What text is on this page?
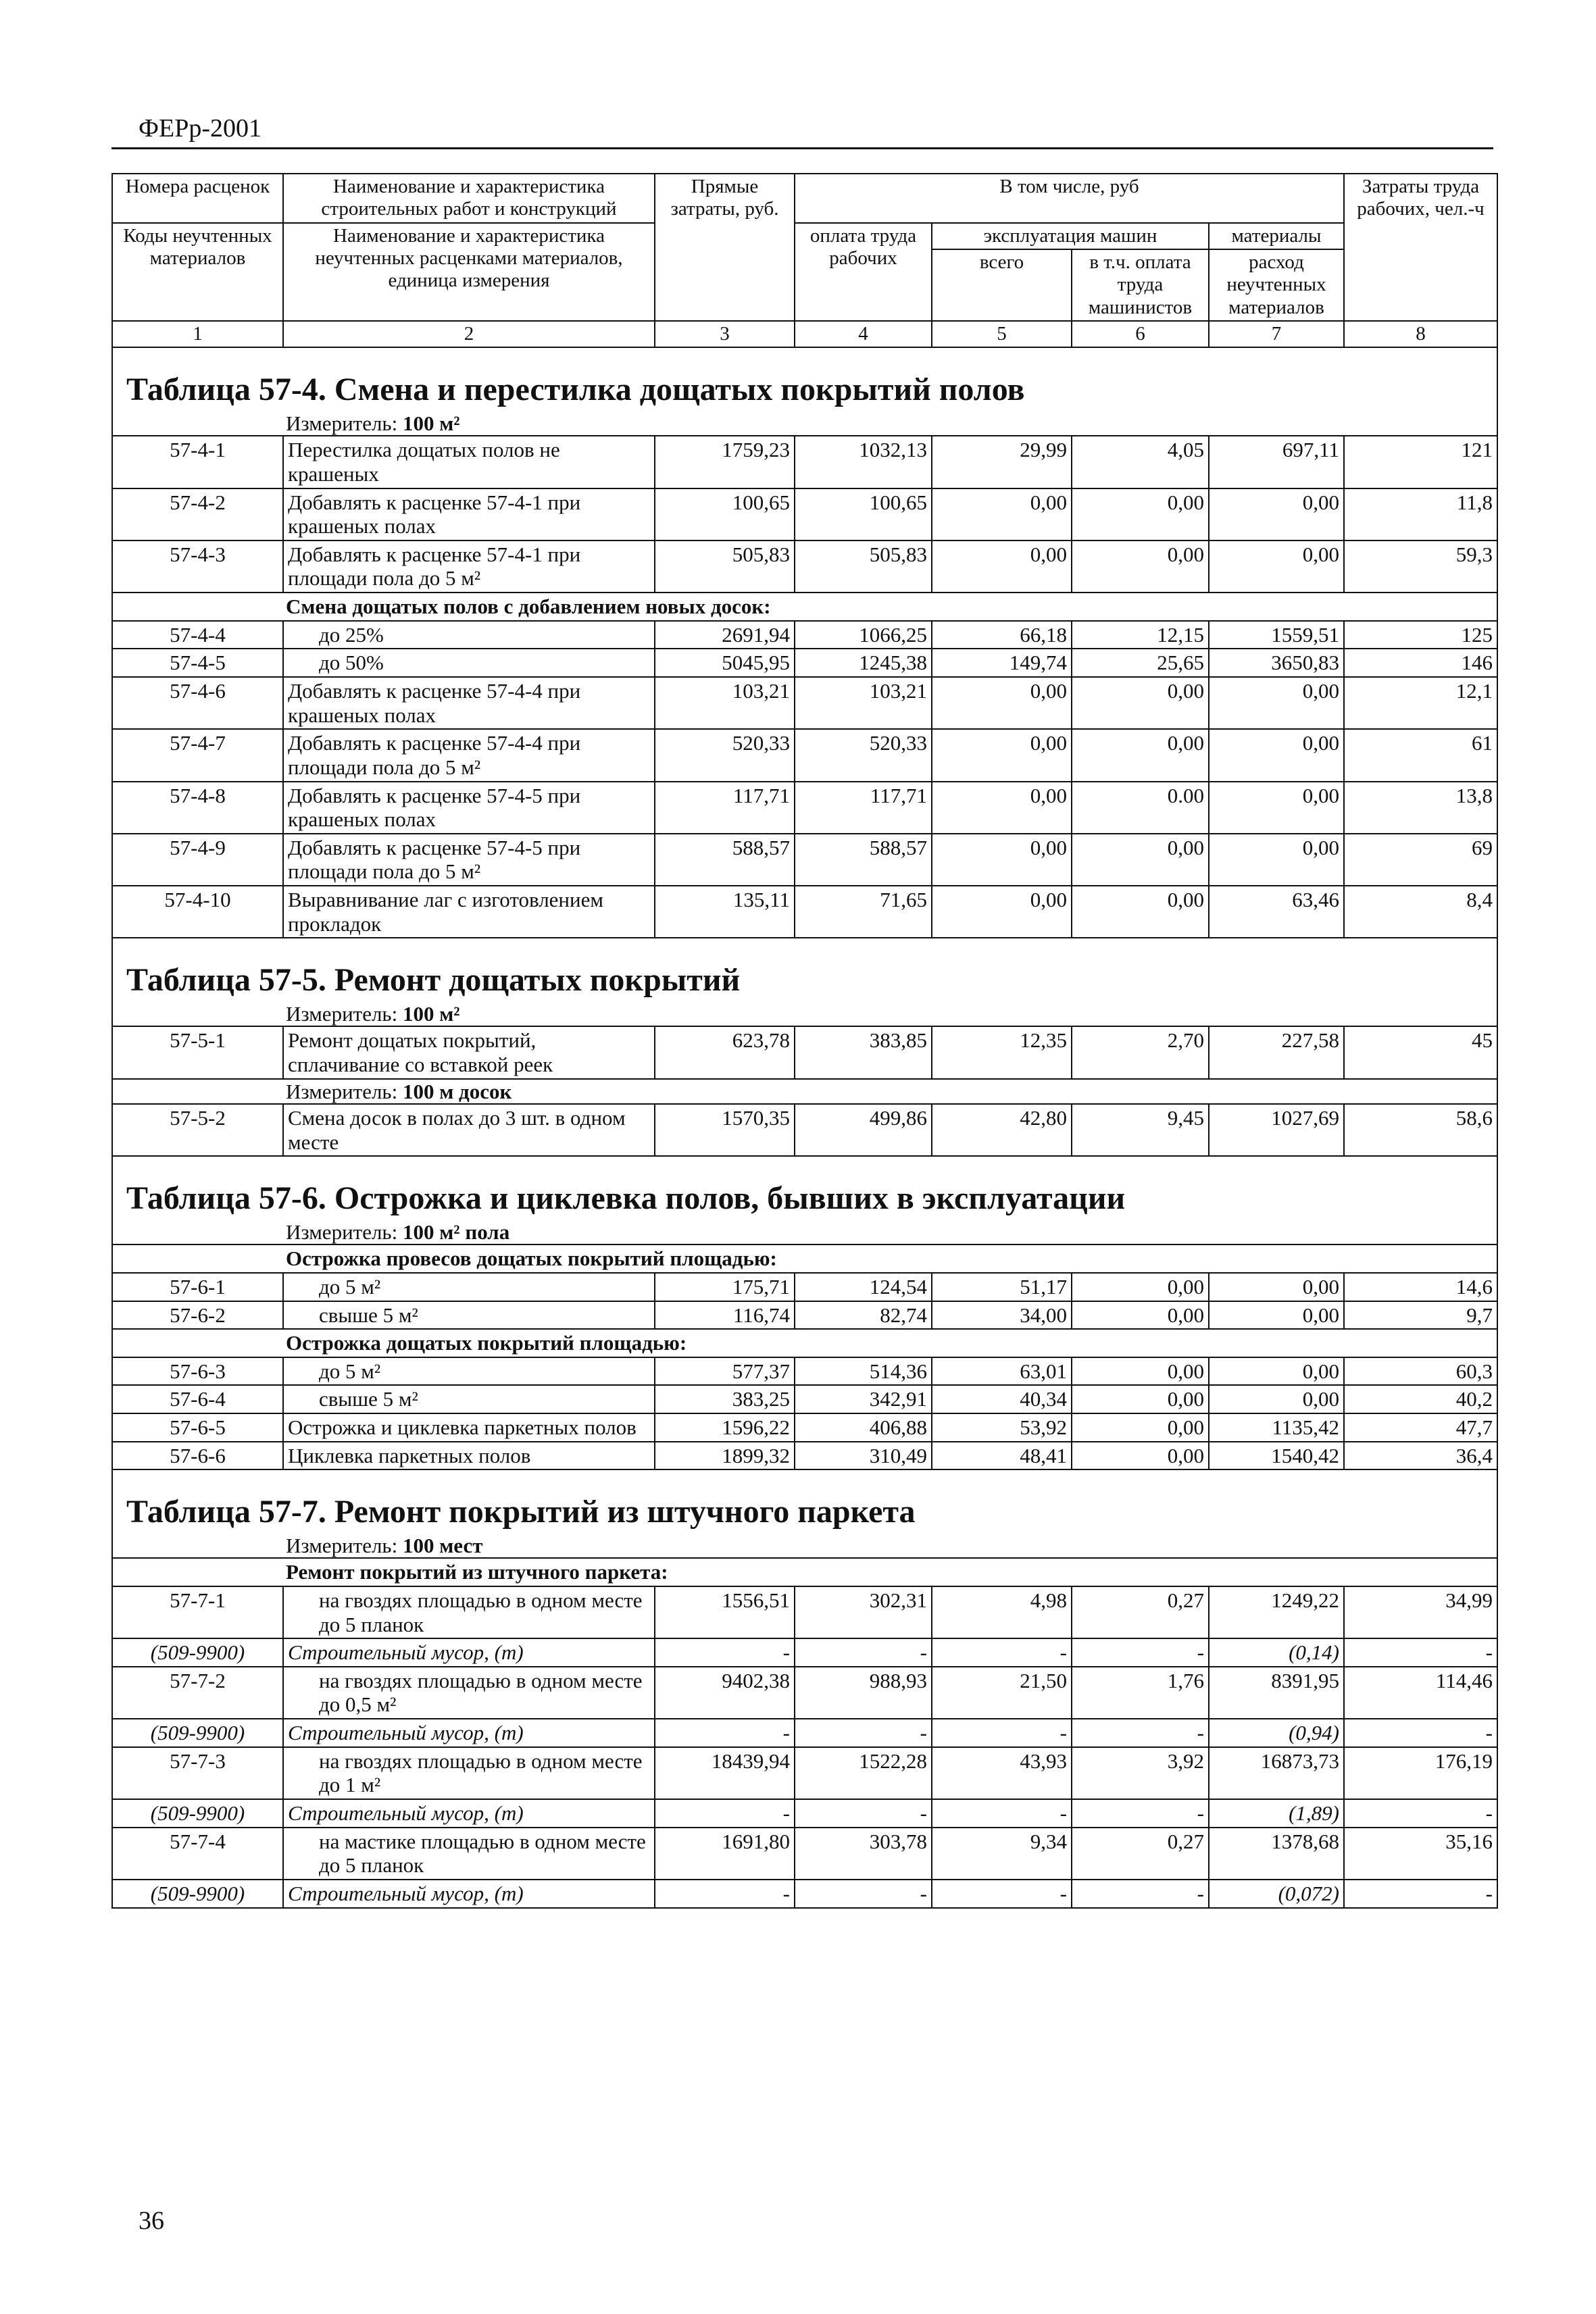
ФЕРр-2001
Номера расценок	Наименование и характеристика строительных работ и конструкций	Прямые затраты, руб.	В том числе, руб				Затраты труда рабочих, чел.-ч
Коды неучтенных материалов	Наименование и характеристика неучтенных расценками материалов, единица измерения		оплата труда рабочих	эксплуатация машин		материалы	
				всего	в т.ч. оплата труда машинистов	расход неучтенных материалов	
1	2	3	4	5	6	7	8
Таблица 57-4. Смена и перестилка дощатых покрытий полов							

Измеритель: 100 м²							

57-4-1	Перестилка дощатых полов не крашеных	1759,23	1032,13	29,99	4,05	697,11	121
57-4-2	Добавлять к расценке 57-4-1 при крашеных полах	100,65	100,65	0,00	0,00	0,00	11,8
57-4-3	Добавлять к расценке 57-4-1 при площади пола до 5 м²	505,83	505,83	0,00	0,00	0,00	59,3

Смена дощатых полов с добавлением новых досок:							

57-4-4	до 25%	2691,94	1066,25	66,18	12,15	1559,51	125
57-4-5	до 50%	5045,95	1245,38	149,74	25,65	3650,83	146
57-4-6	Добавлять к расценке 57-4-4 при крашеных полах	103,21	103,21	0,00	0,00	0,00	12,1
57-4-7	Добавлять к расценке 57-4-4 при площади пола до 5 м²	520,33	520,33	0,00	0,00	0,00	61
57-4-8	Добавлять к расценке 57-4-5 при крашеных полах	117,71	117,71	0,00	0.00	0,00	13,8
57-4-9	Добавлять к расценке 57-4-5 при площади пола до 5 м²	588,57	588,57	0,00	0,00	0,00	69
57-4-10	Выравнивание лаг с изготовлением прокладок	135,11	71,65	0,00	0,00	63,46	8,4
Таблица 57-5. Ремонт дощатых покрытий							

Измеритель: 100 м²							

57-5-1	Ремонт дощатых покрытий, сплачивание со вставкой реек	623,78	383,85	12,35	2,70	227,58	45

Измеритель: 100 м досок							

57-5-2	Смена досок в полах до 3 шт. в одном месте	1570,35	499,86	42,80	9,45	1027,69	58,6
Таблица 57-6. Острожка и циклевка полов, бывших в эксплуатации							

Измеритель: 100 м² пола							

Острожка провесов дощатых покрытий площадью:							

57-6-1	до 5 м²	175,71	124,54	51,17	0,00	0,00	14,6
57-6-2	свыше 5 м²	116,74	82,74	34,00	0,00	0,00	9,7

Острожка дощатых покрытий площадью:							

57-6-3	до 5 м²	577,37	514,36	63,01	0,00	0,00	60,3
57-6-4	свыше 5 м²	383,25	342,91	40,34	0,00	0,00	40,2
57-6-5	Острожка и циклевка паркетных полов	1596,22	406,88	53,92	0,00	1135,42	47,7
57-6-6	Циклевка паркетных полов	1899,32	310,49	48,41	0,00	1540,42	36,4
Таблица 57-7. Ремонт покрытий из штучного паркета							

Измеритель: 100 мест							

Ремонт покрытий из штучного паркета:							

57-7-1	на гвоздях площадью в одном месте до 5 планок	1556,51	302,31	4,98	0,27	1249,22	34,99
(509-9900)	Строительный мусор, (т)	-	-	-	-	(0,14)	-
57-7-2	на гвоздях площадью в одном месте до 0,5 м²	9402,38	988,93	21,50	1,76	8391,95	114,46
(509-9900)	Строительный мусор, (т)	-	-	-	-	(0,94)	-
57-7-3	на гвоздях площадью в одном месте до 1 м²	18439,94	1522,28	43,93	3,92	16873,73	176,19
(509-9900)	Строительный мусор, (т)	-	-	-	-	(1,89)	-
57-7-4	на мастике площадью в одном месте до 5 планок	1691,80	303,78	9,34	0,27	1378,68	35,16
(509-9900)	Строительный мусор, (т)	-	-	-	-	(0,072)	-
36
